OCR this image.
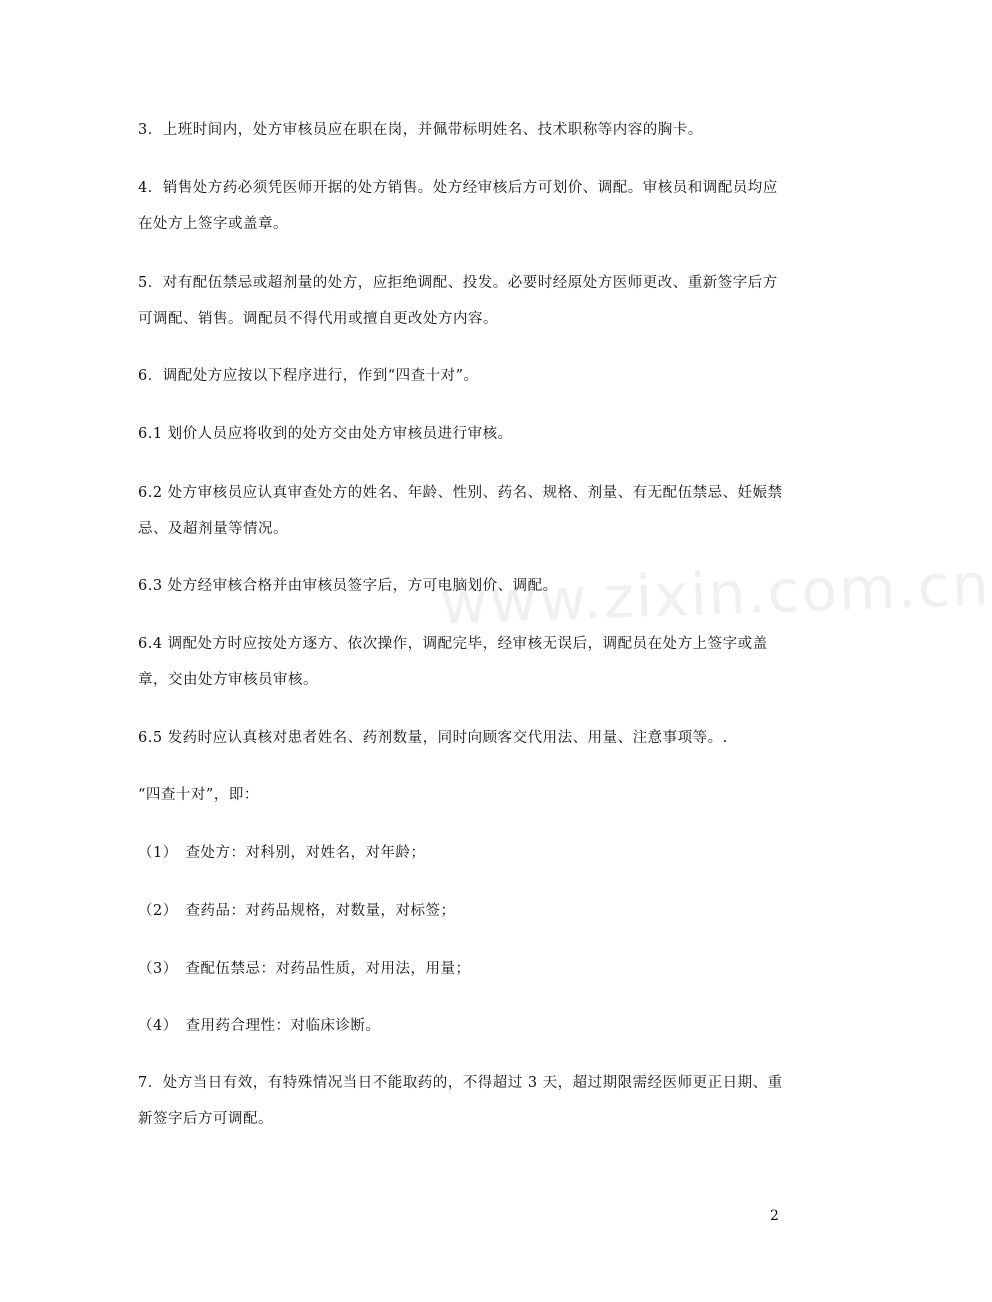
www.zixin.com.cn
3．上班时间内，处方审核员应在职在岗，并佩带标明姓名、技术职称等内容的胸卡。
4．销售处方药必须凭医师开据的处方销售。处方经审核后方可划价、调配。审核员和调配员均应在处方上签字或盖章。
5．对有配伍禁忌或超剂量的处方，应拒绝调配、投发。必要时经原处方医师更改、重新签字后方可调配、销售。调配员不得代用或擅自更改处方内容。
6．调配处方应按以下程序进行，作到“四查十对”。
6.1 划价人员应将收到的处方交由处方审核员进行审核。
6.2 处方审核员应认真审查处方的姓名、年龄、性别、药名、规格、剂量、有无配伍禁忌、妊娠禁忌、及超剂量等情况。
6.3 处方经审核合格并由审核员签字后，方可电脑划价、调配。
6.4 调配处方时应按处方逐方、依次操作，调配完毕，经审核无误后，调配员在处方上签字或盖章，交由处方审核员审核。
6.5 发药时应认真核对患者姓名、药剂数量，同时向顾客交代用法、用量、注意事项等。.
“四查十对”，即：
（1）　查处方：对科别，对姓名，对年龄；
（2）　查药品：对药品规格，对数量，对标签；
（3）　查配伍禁忌：对药品性质，对用法，用量；
（4）　查用药合理性：对临床诊断。
7．处方当日有效，有特殊情况当日不能取药的，不得超过 3 天，超过期限需经医师更正日期、重新签字后方可调配。
2
